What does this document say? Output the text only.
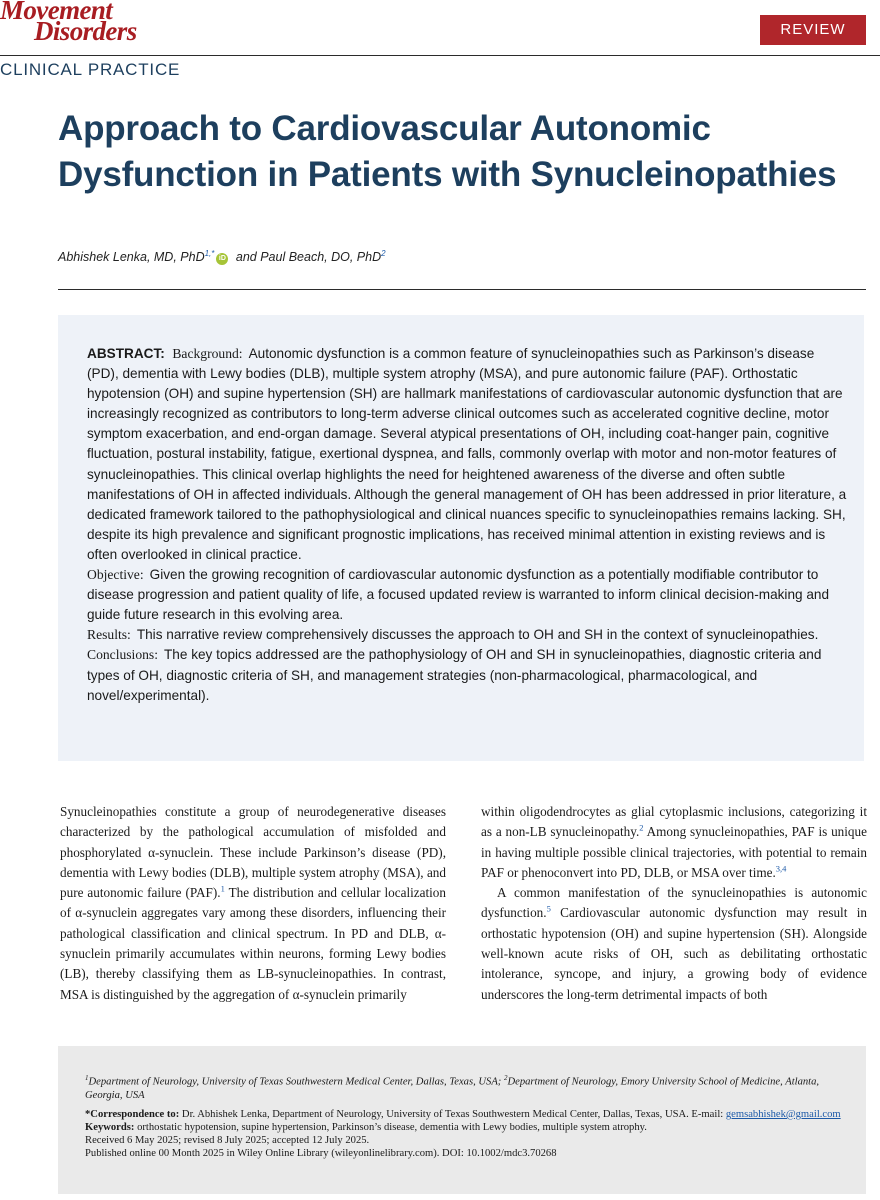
Movement
Disorders	REVIEW
CLINICAL PRACTICE
Approach to Cardiovascular Autonomic Dysfunction in Patients with Synucleinopathies
Abhishek Lenka, MD, PhD$^{1,*}$iD and Paul Beach, DO, PhD$^2$

ABSTRACT: Background: Autonomic dysfunction is a common feature of synucleinopathies such as Parkinson’s disease (PD), dementia with Lewy bodies (DLB), multiple system atrophy (MSA), and pure autonomic failure (PAF). Orthostatic hypotension (OH) and supine hypertension (SH) are hallmark manifestations of cardiovascular autonomic dysfunction that are increasingly recognized as contributors to long-term adverse clinical outcomes such as accelerated cognitive decline, motor symptom exacerbation, and end-organ damage. Several atypical presentations of OH, including coat-hanger pain, cognitive fluctuation, postural instability, fatigue, exertional dyspnea, and falls, commonly overlap with motor and non-motor features of synucleinopathies. This clinical overlap highlights the need for heightened awareness of the diverse and often subtle manifestations of OH in affected individuals. Although the general management of OH has been addressed in prior literature, a dedicated framework tailored to the pathophysiological and clinical nuances specific to synucleinopathies remains lacking. SH, despite its high prevalence and significant prognostic implications, has received minimal attention in existing reviews and is often overlooked in clinical practice.

Objective: Given the growing recognition of cardiovascular autonomic dysfunction as a potentially modifiable contributor to disease progression and patient quality of life, a focused updated review is warranted to inform clinical decision-making and guide future research in this evolving area.

Results: This narrative review comprehensively discusses the approach to OH and SH in the context of synucleinopathies.

Conclusions: The key topics addressed are the pathophysiology of OH and SH in synucleinopathies, diagnostic criteria and types of OH, diagnostic criteria of SH, and management strategies (non-pharmacological, pharmacological, and novel/experimental).

Synucleinopathies constitute a group of neurodegenerative diseases characterized by the pathological accumulation of misfolded and phosphorylated α-synuclein. These include Parkinson’s disease (PD), dementia with Lewy bodies (DLB), multiple system atrophy (MSA), and pure autonomic failure (PAF).$^1$ The distribution and cellular localization of α-synuclein aggregates vary among these disorders, influencing their pathological classification and clinical spectrum. In PD and DLB, α-synuclein primarily accumulates within neurons, forming Lewy bodies (LB), thereby classifying them as LB-synucleinopathies. In contrast, MSA is distinguished by the aggregation of α-synuclein primarily

within oligodendrocytes as glial cytoplasmic inclusions, categorizing it as a non-LB synucleinopathy.$^2$ Among synucleinopathies, PAF is unique in having multiple possible clinical trajectories, with potential to remain PAF or phenoconvert into PD, DLB, or MSA over time.$^{3,4}$

A common manifestation of the synucleinopathies is autonomic dysfunction.$^5$ Cardiovascular autonomic dysfunction may result in orthostatic hypotension (OH) and supine hypertension (SH). Alongside well-known acute risks of OH, such as debilitating orthostatic intolerance, syncope, and injury, a growing body of evidence underscores the long-term detrimental impacts of both

$^1$Department of Neurology, University of Texas Southwestern Medical Center, Dallas, Texas, USA; $^2$Department of Neurology, Emory University School of Medicine, Atlanta, Georgia, USA
*Correspondence to: Dr. Abhishek Lenka, Department of Neurology, University of Texas Southwestern Medical Center, Dallas, Texas, USA. E-mail: gemsabhishek@gmail.com
Keywords: orthostatic hypotension, supine hypertension, Parkinson’s disease, dementia with Lewy bodies, multiple system atrophy.
Received 6 May 2025; revised 8 July 2025; accepted 12 July 2025.
Published online 00 Month 2025 in Wiley Online Library (wileyonlinelibrary.com). DOI: 10.1002/mdc3.70268
